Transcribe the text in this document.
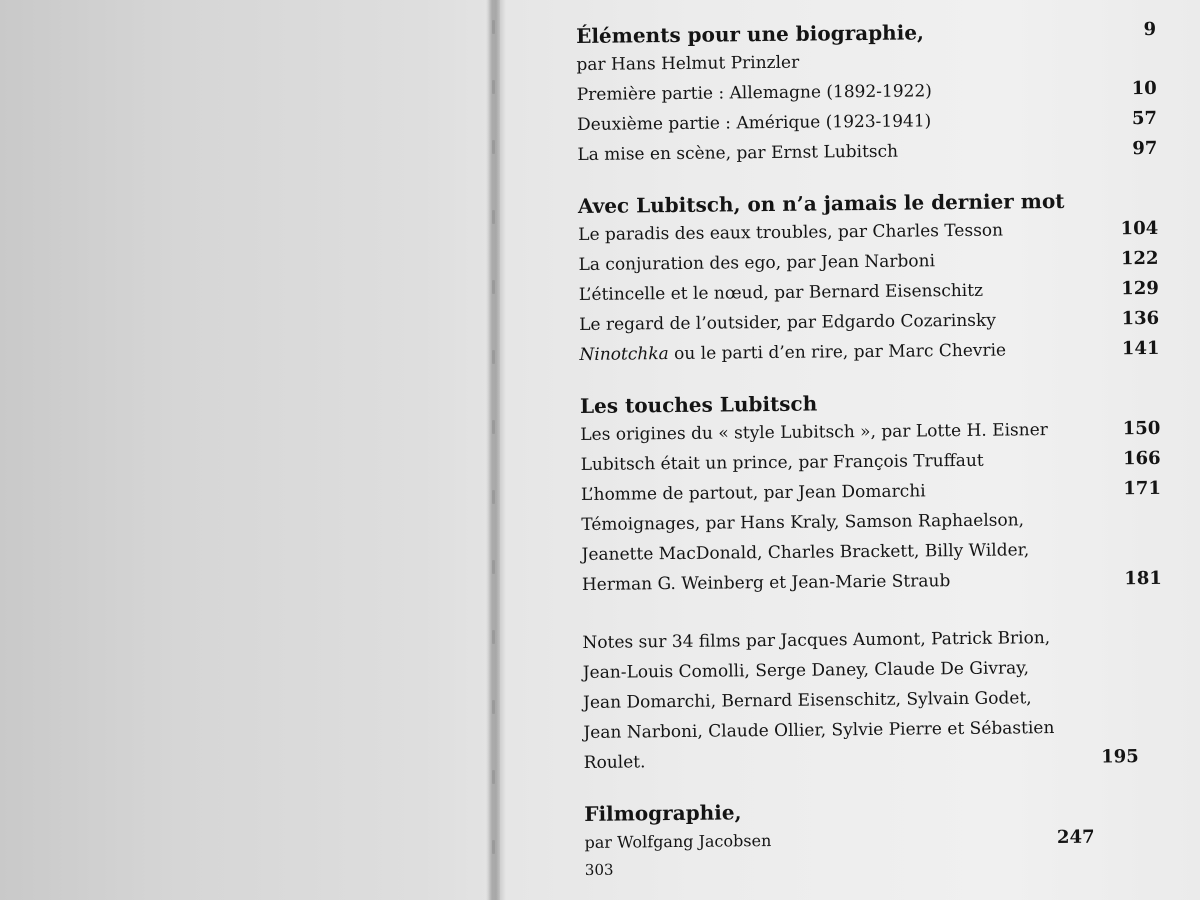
Éléments pour une biographie,	9
par Hans Helmut Prinzler
Première partie : Allemagne (1892-1922)	10
Deuxième partie : Amérique (1923-1941)	57
La mise en scène, par Ernst Lubitsch	97
Avec Lubitsch, on n’a jamais le dernier mot
Le paradis des eaux troubles, par Charles Tesson	104
La conjuration des ego, par Jean Narboni	122
L’étincelle et le nœud, par Bernard Eisenschitz	129
Le regard de l’outsider, par Edgardo Cozarinsky	136
Ninotchka ou le parti d’en rire, par Marc Chevrie	141
Les touches Lubitsch
Les origines du « style Lubitsch », par Lotte H. Eisner	150
Lubitsch était un prince, par François Truffaut	166
L’homme de partout, par Jean Domarchi	171
Témoignages, par Hans Kraly, Samson Raphaelson,
Jeanette MacDonald, Charles Brackett, Billy Wilder,
Herman G. Weinberg et Jean-Marie Straub	181
Notes sur 34 films par Jacques Aumont, Patrick Brion,
Jean-Louis Comolli, Serge Daney, Claude De Givray,
Jean Domarchi, Bernard Eisenschitz, Sylvain Godet,
Jean Narboni, Claude Ollier, Sylvie Pierre et Sébastien
Roulet.	195
Filmographie,
par Wolfgang Jacobsen	247
303
